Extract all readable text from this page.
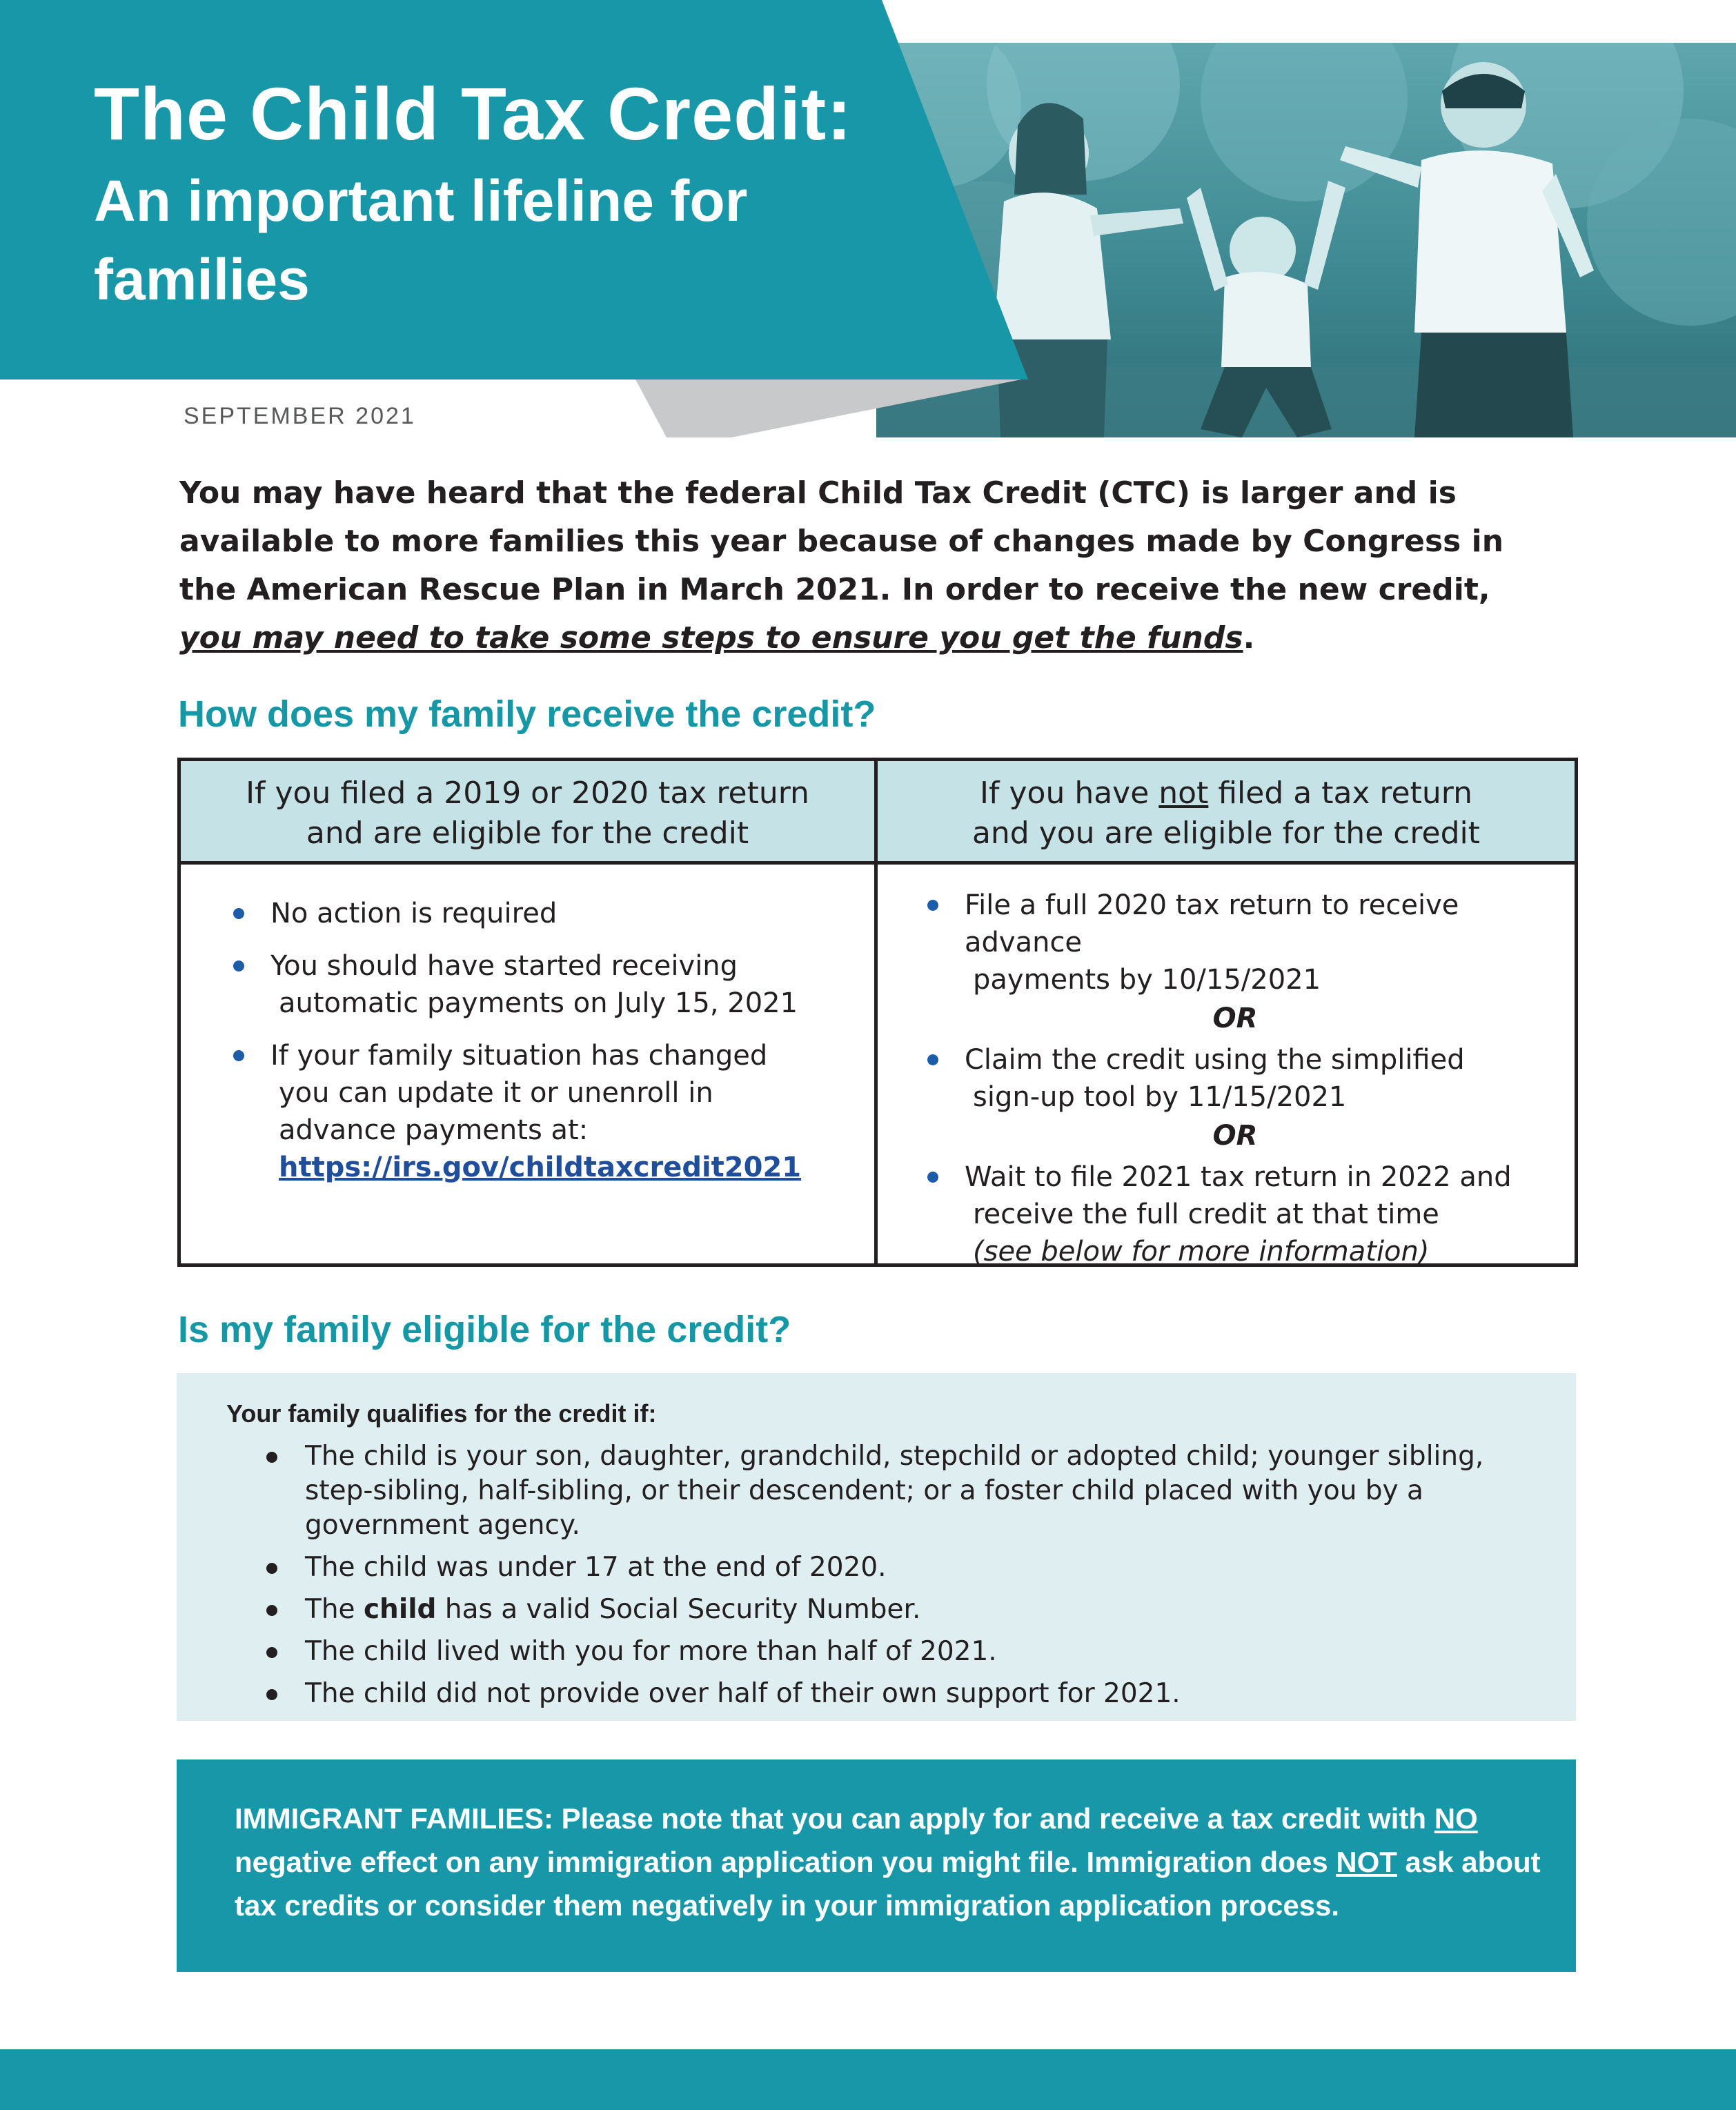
The Child Tax Credit:
An important lifeline for families
SEPTEMBER 2021
You may have heard that the federal Child Tax Credit (CTC) is larger and is available to more families this year because of changes made by Congress in the American Rescue Plan in March 2021. In order to receive the new credit, you may need to take some steps to ensure you get the funds.
How does my family receive the credit?
If you filed a 2019 or 2020 tax return
and are eligible for the credit
If you have not filed a tax return
and you are eligible for the credit
No action is required
You should have started receiving
automatic payments on July 15, 2021
If your family situation has changed
you can update it or unenroll in advance payments at:
https://irs.gov/childtaxcredit2021
File a full 2020 tax return to receive advance
payments by 10/15/2021
OR
Claim the credit using the simplified
sign-up tool by 11/15/2021
OR
Wait to file 2021 tax return in 2022 and
receive the full credit at that time
(see below for more information)
Is my family eligible for the credit?
Your family qualifies for the credit if:
The child is your son, daughter, grandchild, stepchild or adopted child; younger sibling, step-sibling, half-sibling, or their descendent; or a foster child placed with you by a government agency.
The child was under 17 at the end of 2020.
The child has a valid Social Security Number.
The child lived with you for more than half of 2021.
The child did not provide over half of their own support for 2021.
IMMIGRANT FAMILIES: Please note that you can apply for and receive a tax credit with NO negative effect on any immigration application you might file. Immigration does NOT ask about tax credits or consider them negatively in your immigration application process.
